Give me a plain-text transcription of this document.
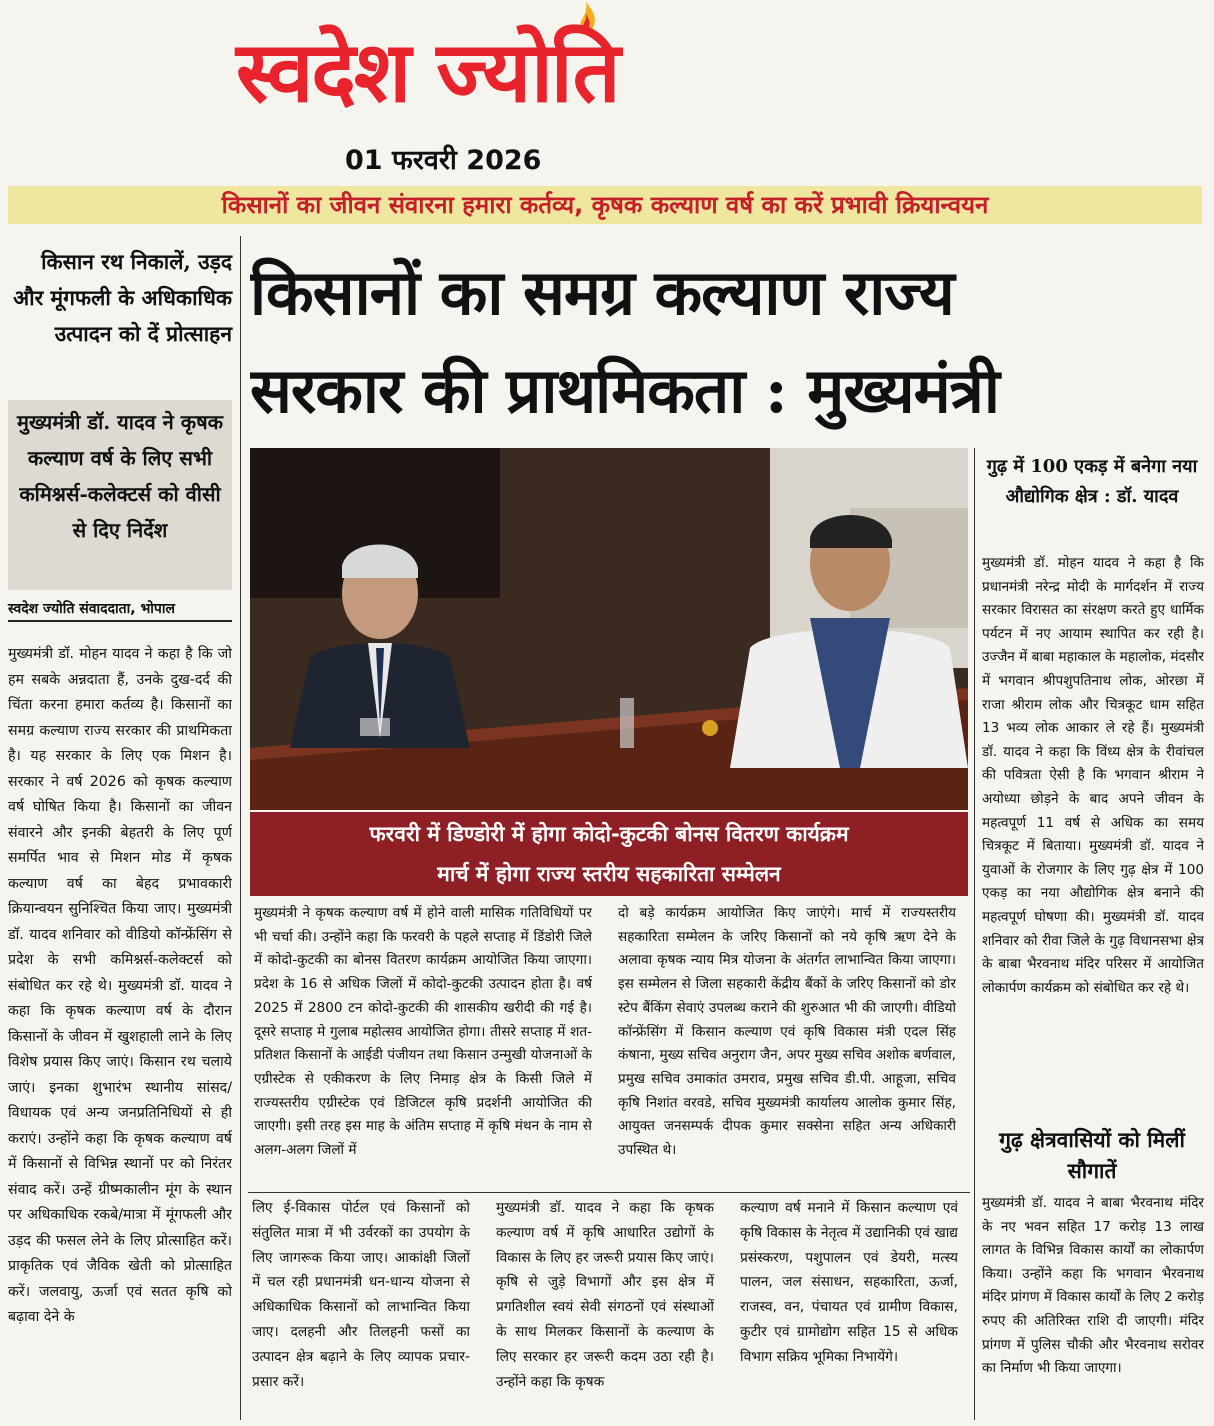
स्वदेश ज्योति
01 फरवरी 2026
किसानों का जीवन संवारना हमारा कर्तव्य, कृषक कल्याण वर्ष का करें प्रभावी क्रियान्वयन
किसान रथ निकालें, उड़द और मूंगफली के अधिकाधिक उत्पादन को दें प्रोत्साहन
मुख्यमंत्री डॉ. यादव ने कृषक कल्याण वर्ष के लिए सभी कमिश्नर्स-कलेक्टर्स को वीसी से दिए निर्देश
स्वदेश ज्योति संवाददाता, भोपाल

मुख्यमंत्री डॉ. मोहन यादव ने कहा है कि जो हम सबके अन्नदाता हैं, उनके दुख-दर्द की चिंता करना हमारा कर्तव्य है। किसानों का समग्र कल्याण राज्य सरकार की प्राथमिकता है। यह सरकार के लिए एक मिशन है। सरकार ने वर्ष 2026 को कृषक कल्याण वर्ष घोषित किया है। किसानों का जीवन संवारने और इनकी बेहतरी के लिए पूर्ण समर्पित भाव से मिशन मोड में कृषक कल्याण वर्ष का बेहद प्रभावकारी क्रियान्वयन सुनिश्चित किया जाए। मुख्यमंत्री डॉ. यादव शनिवार को वीडियो कॉन्फ्रेंसिंग से प्रदेश के सभी कमिश्नर्स-कलेक्टर्स को संबोधित कर रहे थे। मुख्यमंत्री डॉ. यादव ने कहा कि कृषक कल्याण वर्ष के दौरान किसानों के जीवन में खुशहाली लाने के लिए विशेष प्रयास किए जाएं। किसान रथ चलाये जाएं। इनका शुभारंभ स्थानीय सांसद/विधायक एवं अन्य जनप्रतिनिधियों से ही कराएं। उन्होंने कहा कि कृषक कल्याण वर्ष में किसानों से विभिन्न स्थानों पर को निरंतर संवाद करें। उन्हें ग्रीष्मकालीन मूंग के स्थान पर अधिकाधिक रकबे/मात्रा में मूंगफली और उड़द की फसल लेने के लिए प्रोत्साहित करें। प्राकृतिक एवं जैविक खेती को प्रोत्साहित करें। जलवायु, ऊर्जा एवं सतत कृषि को बढ़ावा देने के

किसानों का समग्र कल्याण राज्य
सरकार की प्राथमिकता : मुख्यमंत्री
फरवरी में डिण्डोरी में होगा कोदो-कुटकी बोनस वितरण कार्यक्रम
मार्च में होगा राज्य स्तरीय सहकारिता सम्मेलन

मुख्यमंत्री ने कृषक कल्याण वर्ष में होने वाली मासिक गतिविधियों पर भी चर्चा की। उन्होंने कहा कि फरवरी के पहले सप्ताह में डिंडोरी जिले में कोदो-कुटकी का बोनस वितरण कार्यक्रम आयोजित किया जाएगा। प्रदेश के 16 से अधिक जिलों में कोदो-कुटकी उत्पादन होता है। वर्ष 2025 में 2800 टन कोदो-कुटकी की शासकीय खरीदी की गई है। दूसरे सप्ताह मे गुलाब महोत्सव आयोजित होगा। तीसरे सप्ताह में शत-प्रतिशत किसानों के आईडी पंजीयन तथा किसान उन्मुखी योजनाओं के एग्रीस्टेक से एकीकरण के लिए निमाड़ क्षेत्र के किसी जिले में राज्यस्तरीय एग्रीस्टेक एवं डिजिटल कृषि प्रदर्शनी आयोजित की जाएगी। इसी तरह इस माह के अंतिम सप्ताह में कृषि मंथन के नाम से अलग-अलग जिलों में

दो बड़े कार्यक्रम आयोजित किए जाएंगे। मार्च में राज्यस्तरीय सहकारिता सम्मेलन के जरिए किसानों को नये कृषि ऋण देने के अलावा कृषक न्याय मित्र योजना के अंतर्गत लाभान्वित किया जाएगा। इस सम्मेलन से जिला सहकारी केंद्रीय बैंकों के जरिए किसानों को डोर स्टेप बैंकिंग सेवाएं उपलब्ध कराने की शुरुआत भी की जाएगी। वीडियो कॉन्फ्रेंसिंग में किसान कल्याण एवं कृषि विकास मंत्री एदल सिंह कंषाना, मुख्य सचिव अनुराग जैन, अपर मुख्य सचिव अशोक बर्णवाल, प्रमुख सचिव उमाकांत उमराव, प्रमुख सचिव डी.पी. आहूजा, सचिव कृषि निशांत वरवडे, सचिव मुख्यमंत्री कार्यालय आलोक कुमार सिंह, आयुक्त जनसम्पर्क दीपक कुमार सक्सेना सहित अन्य अधिकारी उपस्थित थे।

लिए ई-विकास पोर्टल एवं किसानों को संतुलित मात्रा में भी उर्वरकों का उपयोग के लिए जागरूक किया जाए। आकांक्षी जिलों में चल रही प्रधानमंत्री धन-धान्य योजना से अधिकाधिक किसानों को लाभान्वित किया जाए। दलहनी और तिलहनी फसों का उत्पादन क्षेत्र बढ़ाने के लिए व्यापक प्रचार-प्रसार करें।

मुख्यमंत्री डॉ. यादव ने कहा कि कृषक कल्याण वर्ष में कृषि आधारित उद्योगों के विकास के लिए हर जरूरी प्रयास किए जाएं। कृषि से जुड़े विभागों और इस क्षेत्र में प्रगतिशील स्वयं सेवी संगठनों एवं संस्थाओं के साथ मिलकर किसानों के कल्याण के लिए सरकार हर जरूरी कदम उठा रही है। उन्होंने कहा कि कृषक

कल्याण वर्ष मनाने में किसान कल्याण एवं कृषि विकास के नेतृत्व में उद्यानिकी एवं खाद्य प्रसंस्करण, पशुपालन एवं डेयरी, मत्स्य पालन, जल संसाधन, सहकारिता, ऊर्जा, राजस्व, वन, पंचायत एवं ग्रामीण विकास, कुटीर एवं ग्रामोद्योग सहित 15 से अधिक विभाग सक्रिय भूमिका निभायेंगे।

गुढ़ में 100 एकड़ में बनेगा नया औद्योगिक क्षेत्र : डॉ. यादव

मुख्यमंत्री डॉ. मोहन यादव ने कहा है कि प्रधानमंत्री नरेन्द्र मोदी के मार्गदर्शन में राज्य सरकार विरासत का संरक्षण करते हुए धार्मिक पर्यटन में नए आयाम स्थापित कर रही है। उज्जैन में बाबा महाकाल के महालोक, मंदसौर में भगवान श्रीपशुपतिनाथ लोक, ओरछा में राजा श्रीराम लोक और चित्रकूट धाम सहित 13 भव्य लोक आकार ले रहे हैं। मुख्यमंत्री डॉ. यादव ने कहा कि विंध्य क्षेत्र के रीवांचल की पवित्रता ऐसी है कि भगवान श्रीराम ने अयोध्या छोड़ने के बाद अपने जीवन के महत्वपूर्ण 11 वर्ष से अधिक का समय चित्रकूट में बिताया। मुख्यमंत्री डॉ. यादव ने युवाओं के रोजगार के लिए गुढ़ क्षेत्र में 100 एकड़ का नया औद्योगिक क्षेत्र बनाने की महत्वपूर्ण घोषणा की। मुख्यमंत्री डॉ. यादव शनिवार को रीवा जिले के गुढ़ विधानसभा क्षेत्र के बाबा भैरवनाथ मंदिर परिसर में आयोजित लोकार्पण कार्यक्रम को संबोधित कर रहे थे।

गुढ़ क्षेत्रवासियों को मिलीं सौगातें

मुख्यमंत्री डॉ. यादव ने बाबा भैरवनाथ मंदिर के नए भवन सहित 17 करोड़ 13 लाख लागत के विभिन्न विकास कार्यों का लोकार्पण किया। उन्होंने कहा कि भगवान भैरवनाथ मंदिर प्रांगण में विकास कार्यों के लिए 2 करोड़ रुपए की अतिरिक्त राशि दी जाएगी। मंदिर प्रांगण में पुलिस चौकी और भैरवनाथ सरोवर का निर्माण भी किया जाएगा।
